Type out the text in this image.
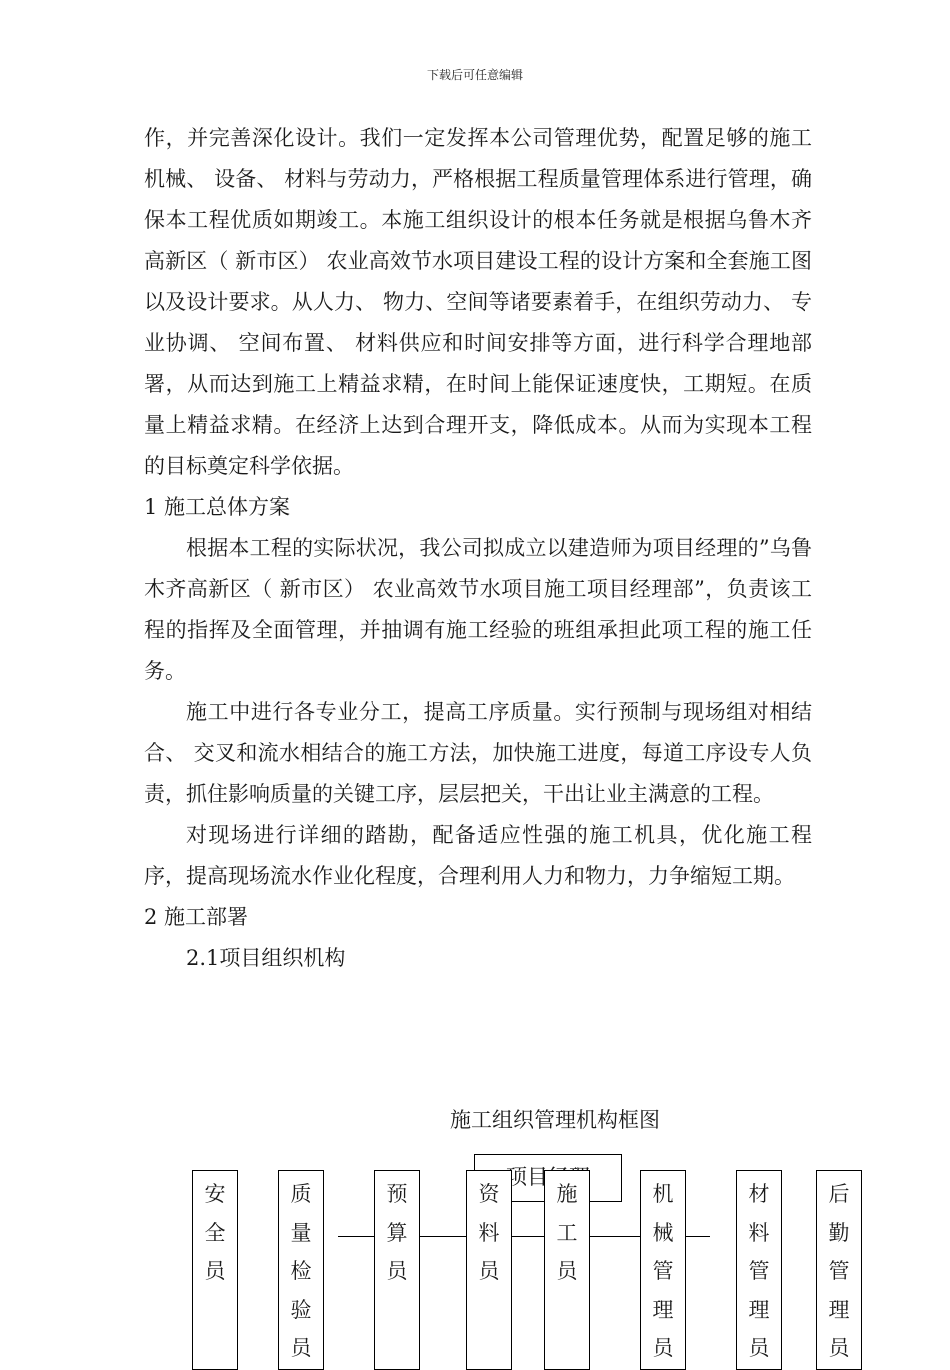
下载后可任意编辑

作，并完善深化设计。我们一定发挥本公司管理优势，配置足够的施工机械、 设备、 材料与劳动力，严格根据工程质量管理体系进行管理，确保本工程优质如期竣工。本施工组织设计的根本任务就是根据乌鲁木齐高新区（ 新市区） 农业高效节水项目建设工程的设计方案和全套施工图以及设计要求。从人力、 物力、空间等诸要素着手，在组织劳动力、 专业协调、 空间布置、 材料供应和时间安排等方面，进行科学合理地部署，从而达到施工上精益求精，在时间上能保证速度快，工期短。在质量上精益求精。在经济上达到合理开支，降低成本。从而为实现本工程的目标奠定科学依据。

1 施工总体方案

根据本工程的实际状况，我公司拟成立以建造师为项目经理的”乌鲁木齐高新区（ 新市区） 农业高效节水项目施工项目经理部”，负责该工程的指挥及全面管理，并抽调有施工经验的班组承担此项工程的施工任务。

施工中进行各专业分工，提高工序质量。实行预制与现场组对相结合、 交叉和流水相结合的施工方法，加快施工进度，每道工序设专人负责，抓住影响质量的关键工序，层层把关，干出让业主满意的工程。

对现场进行详细的踏勘，配备适应性强的施工机具，优化施工程序，提高现场流水作业化程度，合理利用人力和物力，力争缩短工期。

2 施工部署

2.1项目组织机构

施工组织管理机构框图
安
全
员
质
量
检
验
员
预
算
员
资
料
员
施
工
员
机
械
管
理
员
材
料
管
理
员
后
勤
管
理
员
